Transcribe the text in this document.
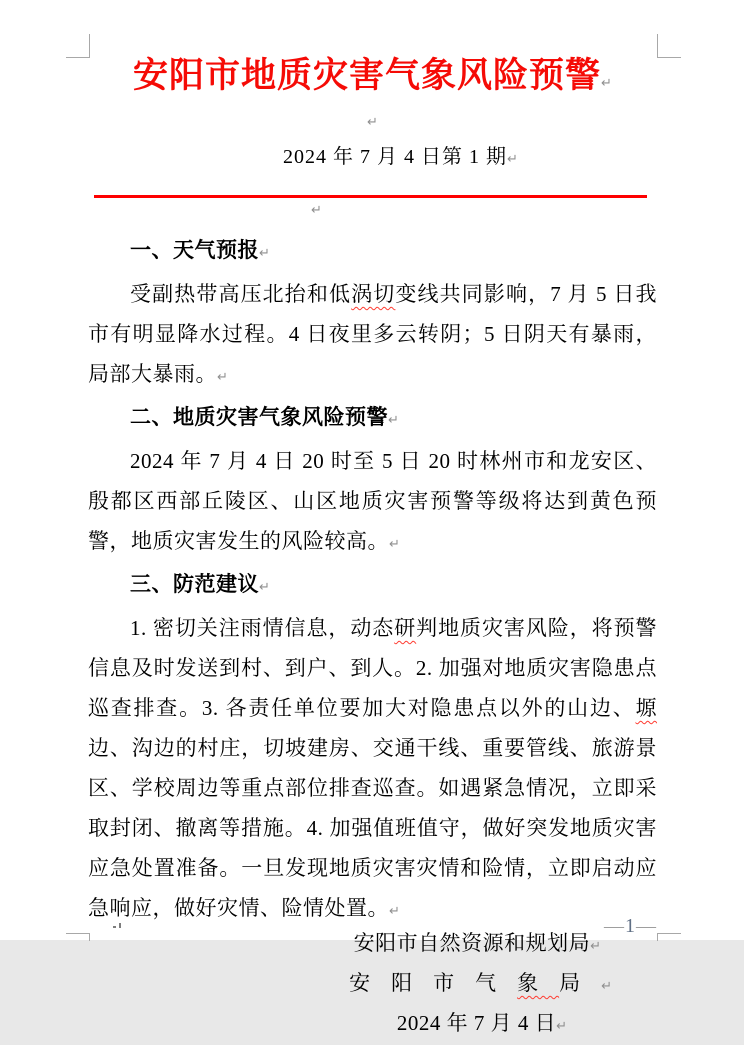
安阳市地质灾害气象风险预警↵
↵
2024 年 7 月 4 日第 1 期↵
↵
一、天气预报↵
受副热带高压北抬和低涡切变线共同影响，7 月 5 日我市有明显降水过程。4 日夜里多云转阴；5 日阴天有暴雨，局部大暴雨。↵
二、地质灾害气象风险预警↵
2024 年 7 月 4 日 20 时至 5 日 20 时林州市和龙安区、殷都区西部丘陵区、山区地质灾害预警等级将达到黄色预警，地质灾害发生的风险较高。↵
三、防范建议↵
1. 密切关注雨情信息，动态研判地质灾害风险，将预警信息及时发送到村、到户、到人。2. 加强对地质灾害隐患点巡查排查。3. 各责任单位要加大对隐患点以外的山边、塬边、沟边的村庄，切坡建房、交通干线、重要管线、旅游景区、学校周边等重点部位排查巡查。如遇紧急情况，立即采取封闭、撤离等措施。4. 加强值班值守，做好突发地质灾害应急处置准备。一旦发现地质灾害灾情和险情，立即启动应急响应，做好灾情、险情处置。↵
安阳市自然资源和规划局↵
安阳市气象局↵
2024 年 7 月 4 日↵
—1—
